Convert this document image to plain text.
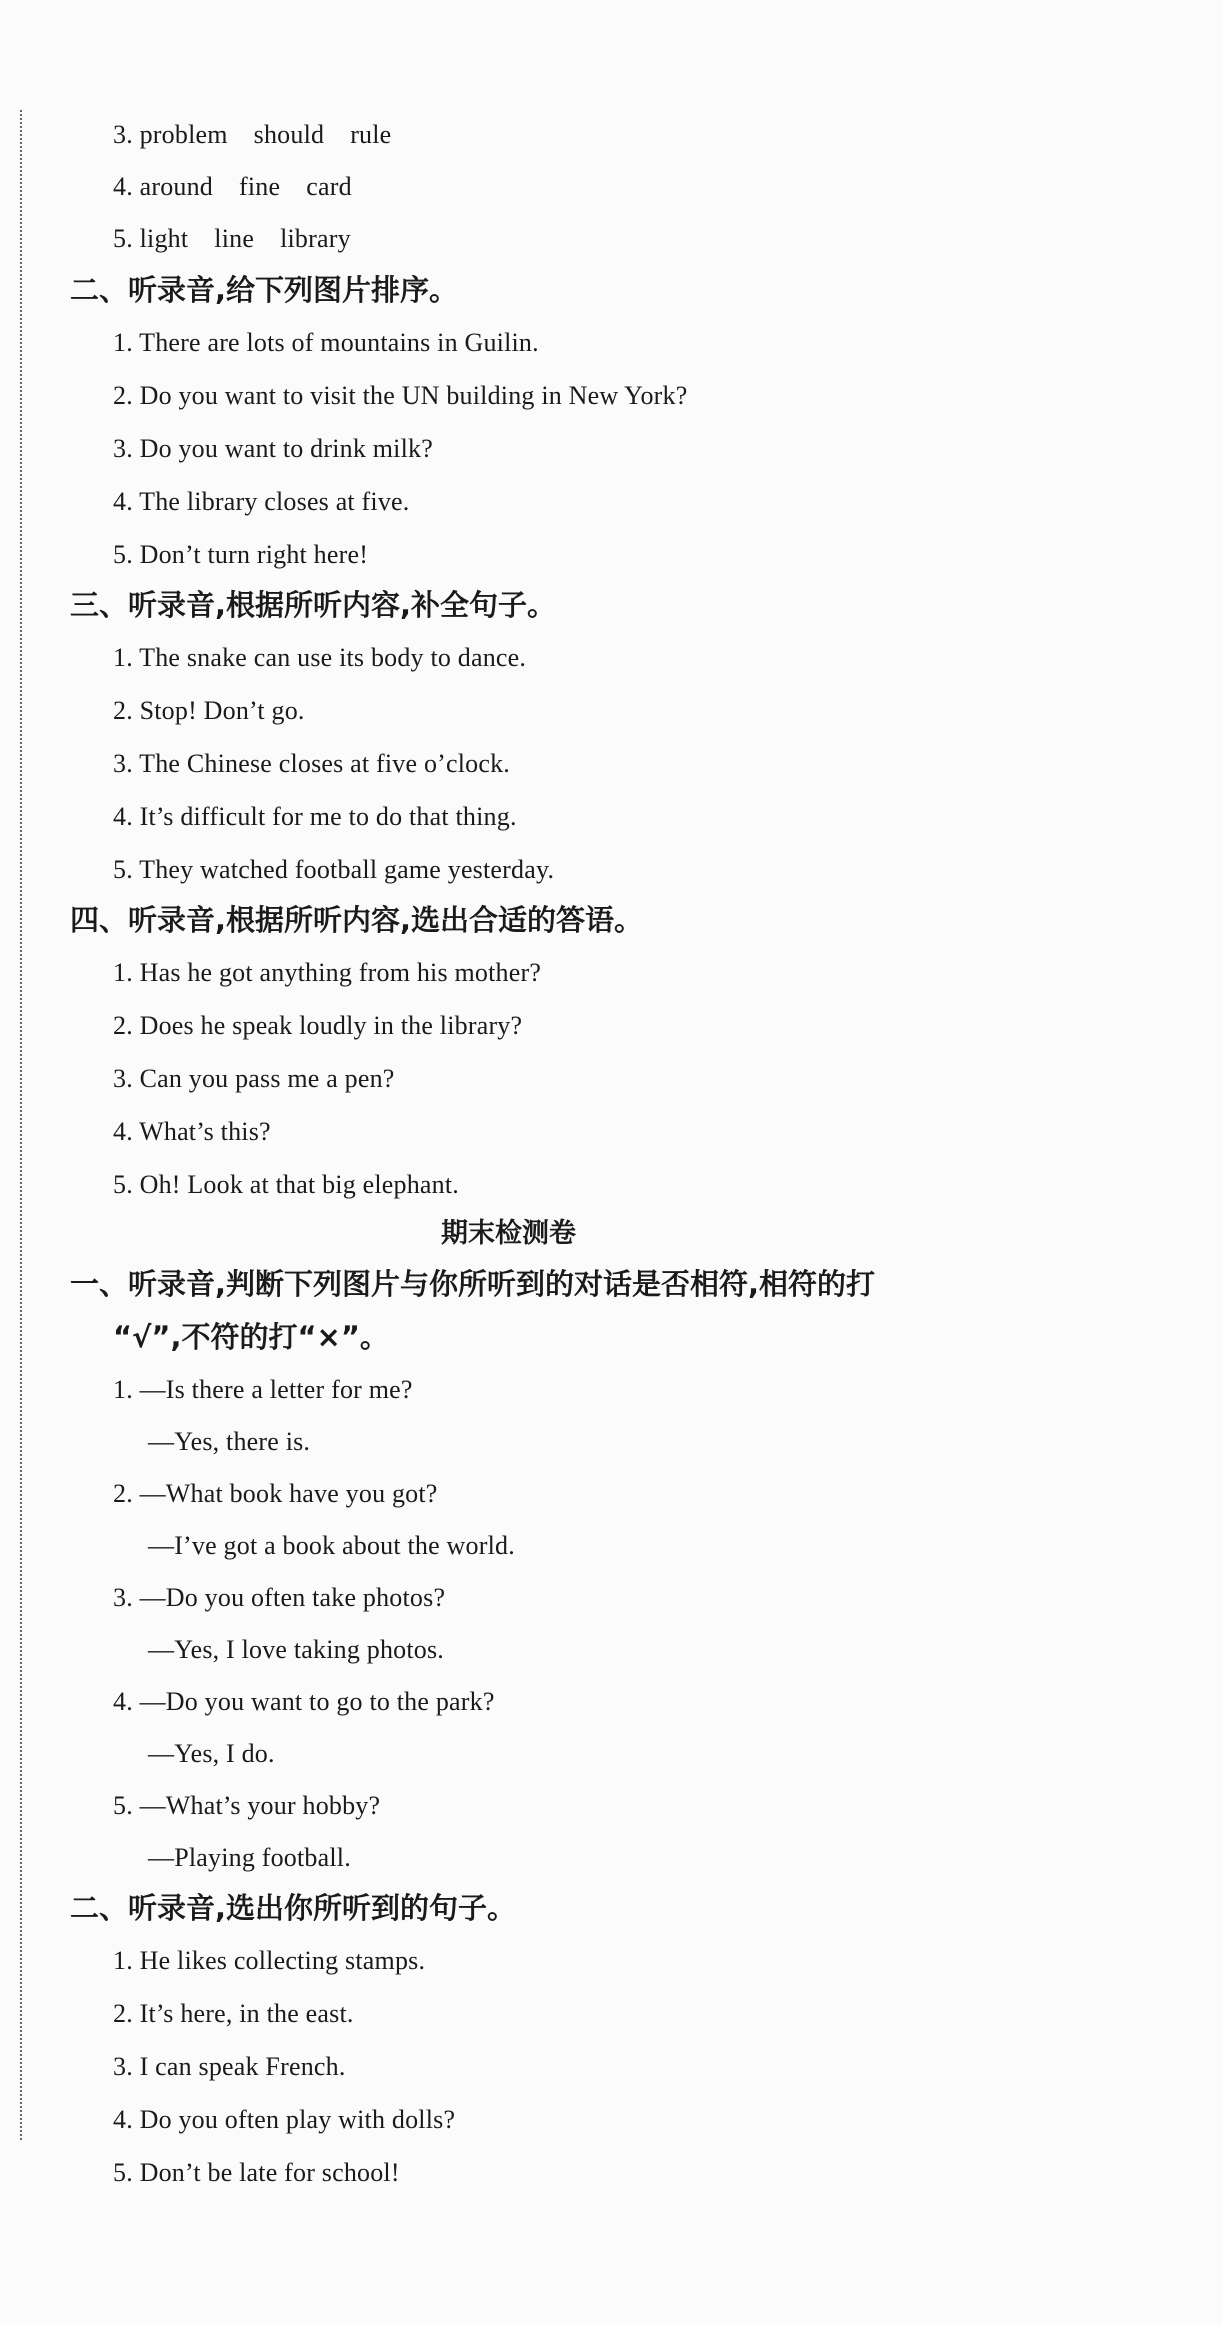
3. problem should rule
4. around fine card
5. light line library
二、听录音,给下列图片排序。
1. There are lots of mountains in Guilin.
2. Do you want to visit the UN building in New York?
3. Do you want to drink milk?
4. The library closes at five.
5. Don’t turn right here!
三、听录音,根据所听内容,补全句子。
1. The snake can use its body to dance.
2. Stop! Don’t go.
3. The Chinese closes at five o’clock.
4. It’s difficult for me to do that thing.
5. They watched football game yesterday.
四、听录音,根据所听内容,选出合适的答语。
1. Has he got anything from his mother?
2. Does he speak loudly in the library?
3. Can you pass me a pen?
4. What’s this?
5. Oh! Look at that big elephant.
期末检测卷
一、听录音,判断下列图片与你所听到的对话是否相符,相符的打
“√”,不符的打“×”。
1. —Is there a letter for me?
—Yes, there is.
2. —What book have you got?
—I’ve got a book about the world.
3. —Do you often take photos?
—Yes, I love taking photos.
4. —Do you want to go to the park?
—Yes, I do.
5. —What’s your hobby?
—Playing football.
二、听录音,选出你所听到的句子。
1. He likes collecting stamps.
2. It’s here, in the east.
3. I can speak French.
4. Do you often play with dolls?
5. Don’t be late for school!
